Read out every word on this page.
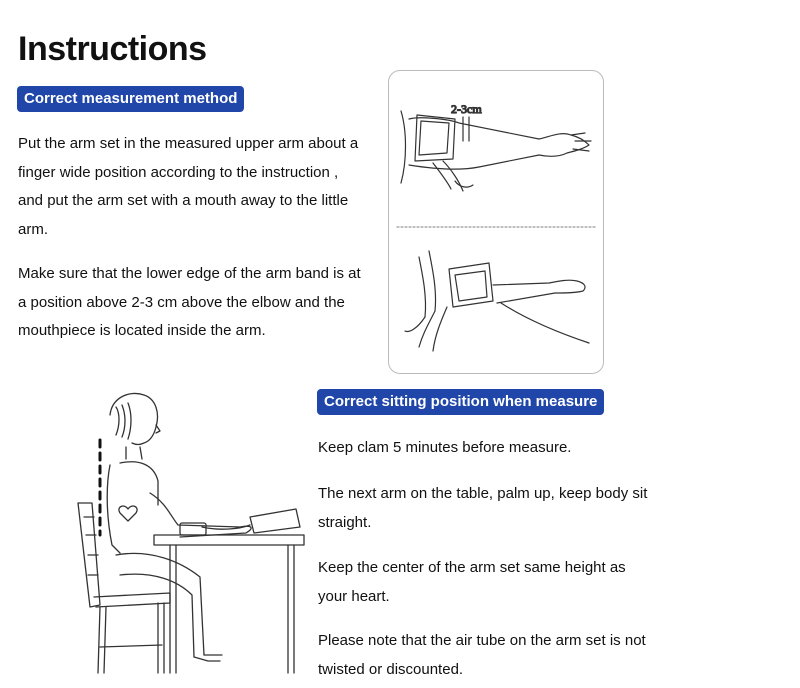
Instructions
Correct measurement method

Put the arm set in the measured upper arm about a finger wide position according to the instruction , and put the arm set with a mouth away to the little arm.

Make sure that the lower edge of the arm band is at a position above 2-3 cm above the elbow and the mouthpiece is located inside the arm.

2-3cm
Correct sitting position when measure

Keep clam 5 minutes before measure.

The next arm on the table, palm up, keep body sit straight.

Keep the center of the arm set same height as your heart.

Please note that the air tube on the arm set is not twisted or discounted.
